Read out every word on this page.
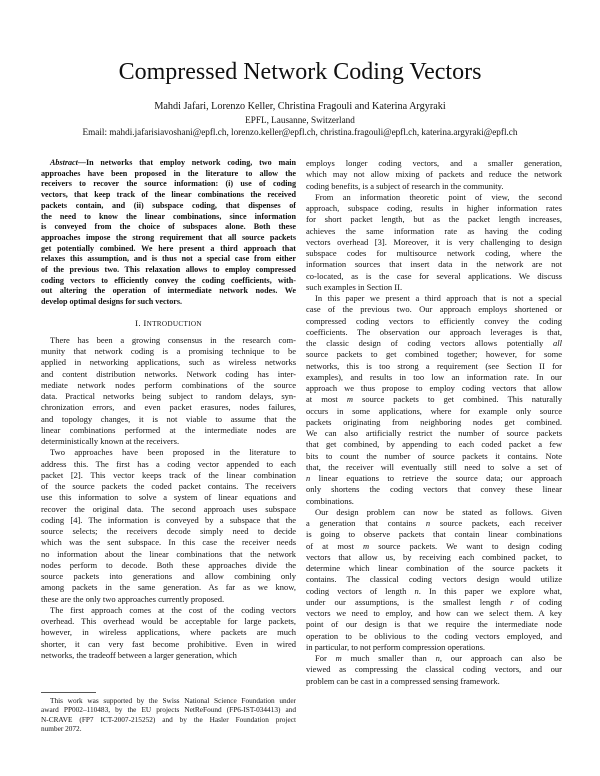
Compressed Network Coding Vectors
Mahdi Jafari, Lorenzo Keller, Christina Fragouli and Katerina Argyraki
EPFL, Lausanne, Switzerland
Email: mahdi.jafarisiavoshani@epfl.ch, lorenzo.keller@epfl.ch, christina.fragouli@epfl.ch, katerina.argyraki@epfl.ch
Abstract—In networks that employ network coding, two main
approaches have been proposed in the literature to allow the
receivers to recover the source information: (i) use of coding
vectors, that keep track of the linear combinations the received
packets contain, and (ii) subspace coding, that dispenses of
the need to know the linear combinations, since information
is conveyed from the choice of subspaces alone. Both these
approaches impose the strong requirement that all source packets
get potentially combined. We here present a third approach that
relaxes this assumption, and is thus not a special case from either
of the previous two. This relaxation allows to employ compressed
coding vectors to efficiently convey the coding coefficients, with-
out altering the operation of intermediate network nodes. We
develop optimal designs for such vectors.
I. INTRODUCTION
There has been a growing consensus in the research com-
munity that network coding is a promising technique to be
applied in networking applications, such as wireless networks
and content distribution networks. Network coding has inter-
mediate network nodes perform combinations of the source
data. Practical networks being subject to random delays, syn-
chronization errors, and even packet erasures, nodes failures,
and topology changes, it is not viable to assume that the
linear combinations performed at the intermediate nodes are
deterministically known at the receivers.
Two approaches have been proposed in the literature to
address this. The first has a coding vector appended to each
packet [2]. This vector keeps track of the linear combination
of the source packets the coded packet contains. The receivers
use this information to solve a system of linear equations and
recover the original data. The second approach uses subspace
coding [4]. The information is conveyed by a subspace that the
source selects; the receivers decode simply need to decide
which was the sent subspace. In this case the receiver needs
no information about the linear combinations that the network
nodes perform to decode. Both these approaches divide the
source packets into generations and allow combining only
among packets in the same generation. As far as we know,
these are the only two approaches currently proposed.
The first approach comes at the cost of the coding vectors
overhead. This overhead would be acceptable for large packets,
however, in wireless applications, where packets are much
shorter, it can very fast become prohibitive. Even in wired
networks, the tradeoff between a larger generation, which
This work was supported by the Swiss National Science Foundation under
award PP002–110483, by the EU projects NetReFound (FP6-IST-034413) and
N-CRAVE (FP7 ICT-2007-215252) and by the Hasler Foundation project
number 2072.
employs longer coding vectors, and a smaller generation,
which may not allow mixing of packets and reduce the network
coding benefits, is a subject of research in the community.
From an information theoretic point of view, the second
approach, subspace coding, results in higher information rates
for short packet length, but as the packet length increases,
achieves the same information rate as having the coding
vectors overhead [3]. Moreover, it is very challenging to design
subspace codes for multisource network coding, where the
information sources that insert data in the network are not
co-located, as is the case for several applications. We discuss
such examples in Section II.
In this paper we present a third approach that is not a special
case of the previous two. Our approach employs shortened or
compressed coding vectors to efficiently convey the coding
coefficients. The observation our approach leverages is that,
the classic design of coding vectors allows potentially all
source packets to get combined together; however, for some
networks, this is too strong a requirement (see Section II for
examples), and results in too low an information rate. In our
approach we thus propose to employ coding vectors that allow
at most m source packets to get combined. This naturally
occurs in some applications, where for example only source
packets originating from neighboring nodes get combined.
We can also artificially restrict the number of source packets
that get combined, by appending to each coded packet a few
bits to count the number of source packets it contains. Note
that, the receiver will eventually still need to solve a set of
n linear equations to retrieve the source data; our approach
only shortens the coding vectors that convey these linear
combinations.
Our design problem can now be stated as follows. Given
a generation that contains n source packets, each receiver
is going to observe packets that contain linear combinations
of at most m source packets. We want to design coding
vectors that allow us, by receiving each combined packet, to
determine which linear combination of the source packets it
contains. The classical coding vectors design would utilize
coding vectors of length n. In this paper we explore what,
under our assumptions, is the smallest length r of coding
vectors we need to employ, and how can we select them. A key
point of our design is that we require the intermediate node
operation to be oblivious to the coding vectors employed, and
in particular, to not perform compression operations.
For m much smaller than n, our approach can also be
viewed as compressing the classical coding vectors, and our
problem can be cast in a compressed sensing framework.
